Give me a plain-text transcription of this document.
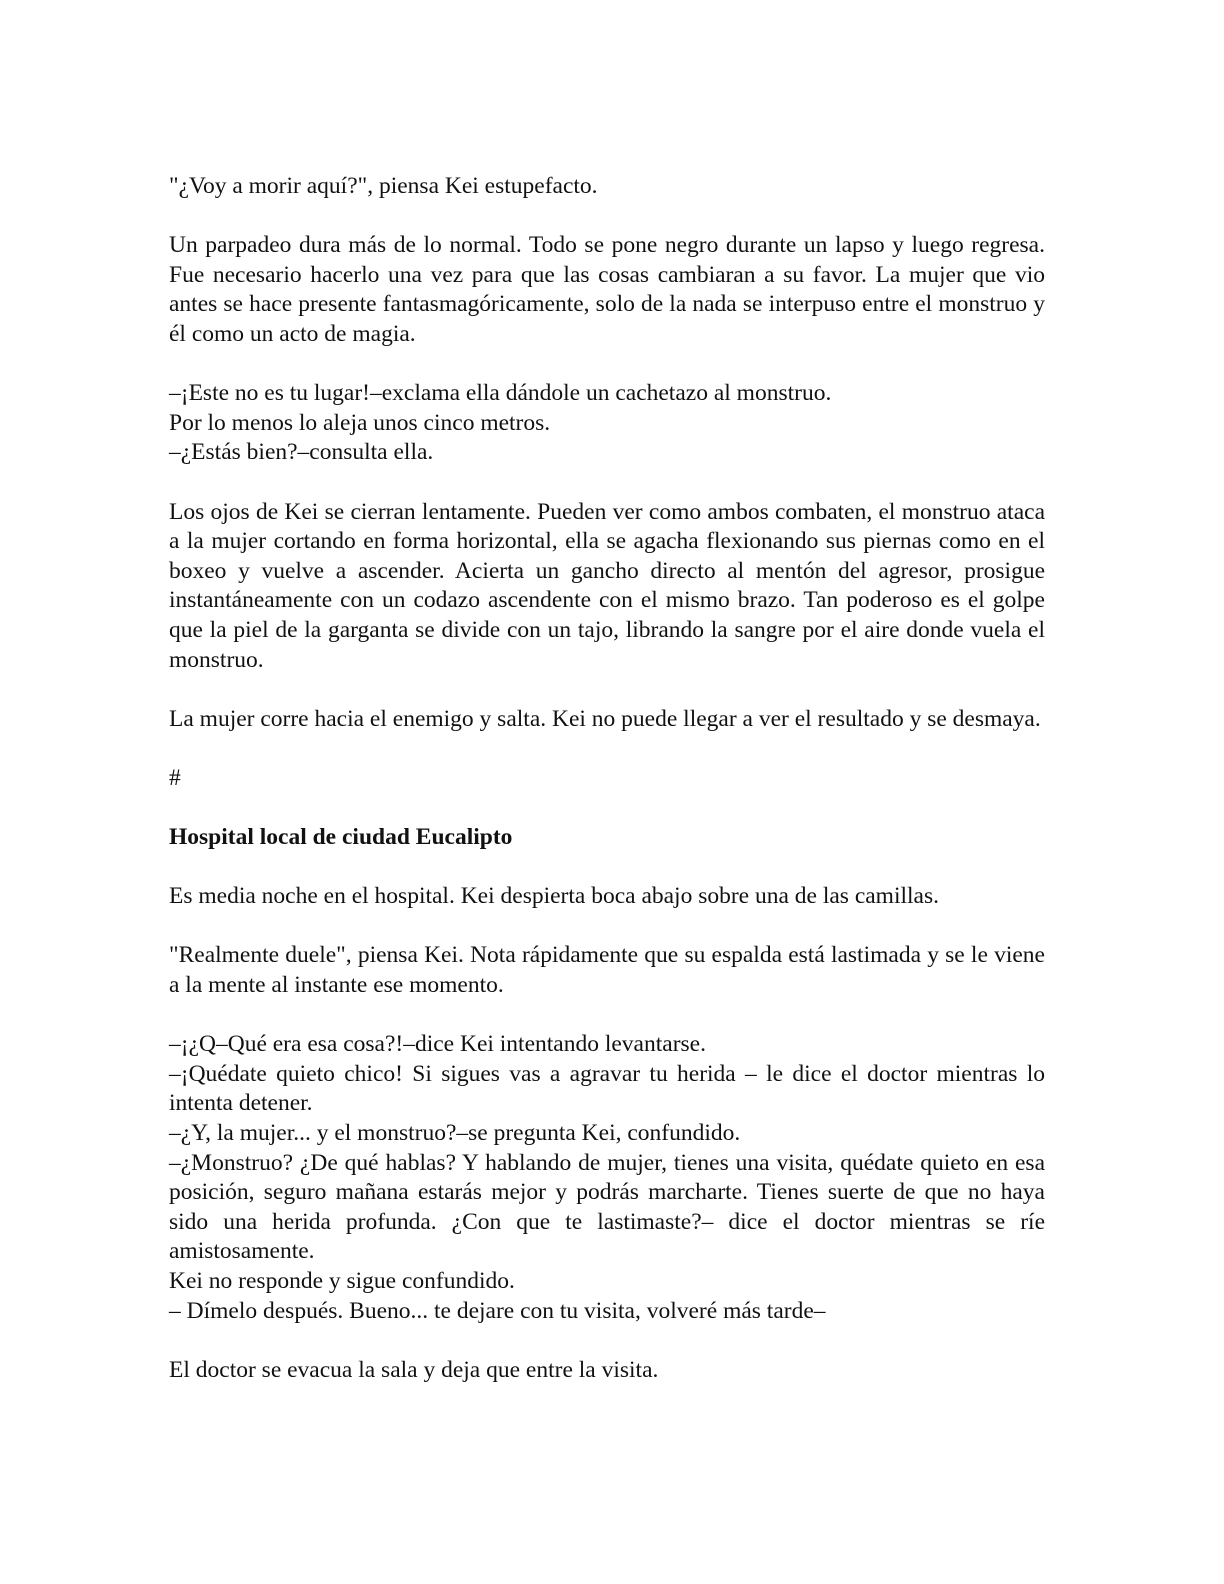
"¿Voy a morir aquí?", piensa Kei estupefacto.

Un parpadeo dura más de lo normal. Todo se pone negro durante un lapso y luego regresa. Fue necesario hacerlo una vez para que las cosas cambiaran a su favor. La mujer que vio antes se hace presente fantasmagóricamente, solo de la nada se interpuso entre el monstruo y él como un acto de magia.

–¡Este no es tu lugar!–exclama ella dándole un cachetazo al monstruo.

Por lo menos lo aleja unos cinco metros.

–¿Estás bien?–consulta ella.

Los ojos de Kei se cierran lentamente. Pueden ver como ambos combaten, el monstruo ataca a la mujer cortando en forma horizontal, ella se agacha flexionando sus piernas como en el boxeo y vuelve a ascender. Acierta un gancho directo al mentón del agresor, prosigue instantáneamente con un codazo ascendente con el mismo brazo. Tan poderoso es el golpe que la piel de la garganta se divide con un tajo, librando la sangre por el aire donde vuela el monstruo.

La mujer corre hacia el enemigo y salta. Kei no puede llegar a ver el resultado y se desmaya.

#

Hospital local de ciudad Eucalipto

Es media noche en el hospital. Kei despierta boca abajo sobre una de las camillas.

"Realmente duele", piensa Kei. Nota rápidamente que su espalda está lastimada y se le viene a la mente al instante ese momento.

–¡¿Q–Qué era esa cosa?!–dice Kei intentando levantarse.

–¡Quédate quieto chico! Si sigues vas a agravar tu herida – le dice el doctor mientras lo intenta detener.

–¿Y, la mujer... y el monstruo?–se pregunta Kei, confundido.

–¿Monstruo? ¿De qué hablas? Y hablando de mujer, tienes una visita, quédate quieto en esa posición, seguro mañana estarás mejor y podrás marcharte. Tienes suerte de que no haya sido una herida profunda. ¿Con que te lastimaste?– dice el doctor mientras se ríe amistosamente.

Kei no responde y sigue confundido.

– Dímelo después. Bueno... te dejare con tu visita, volveré más tarde–

El doctor se evacua la sala y deja que entre la visita.
